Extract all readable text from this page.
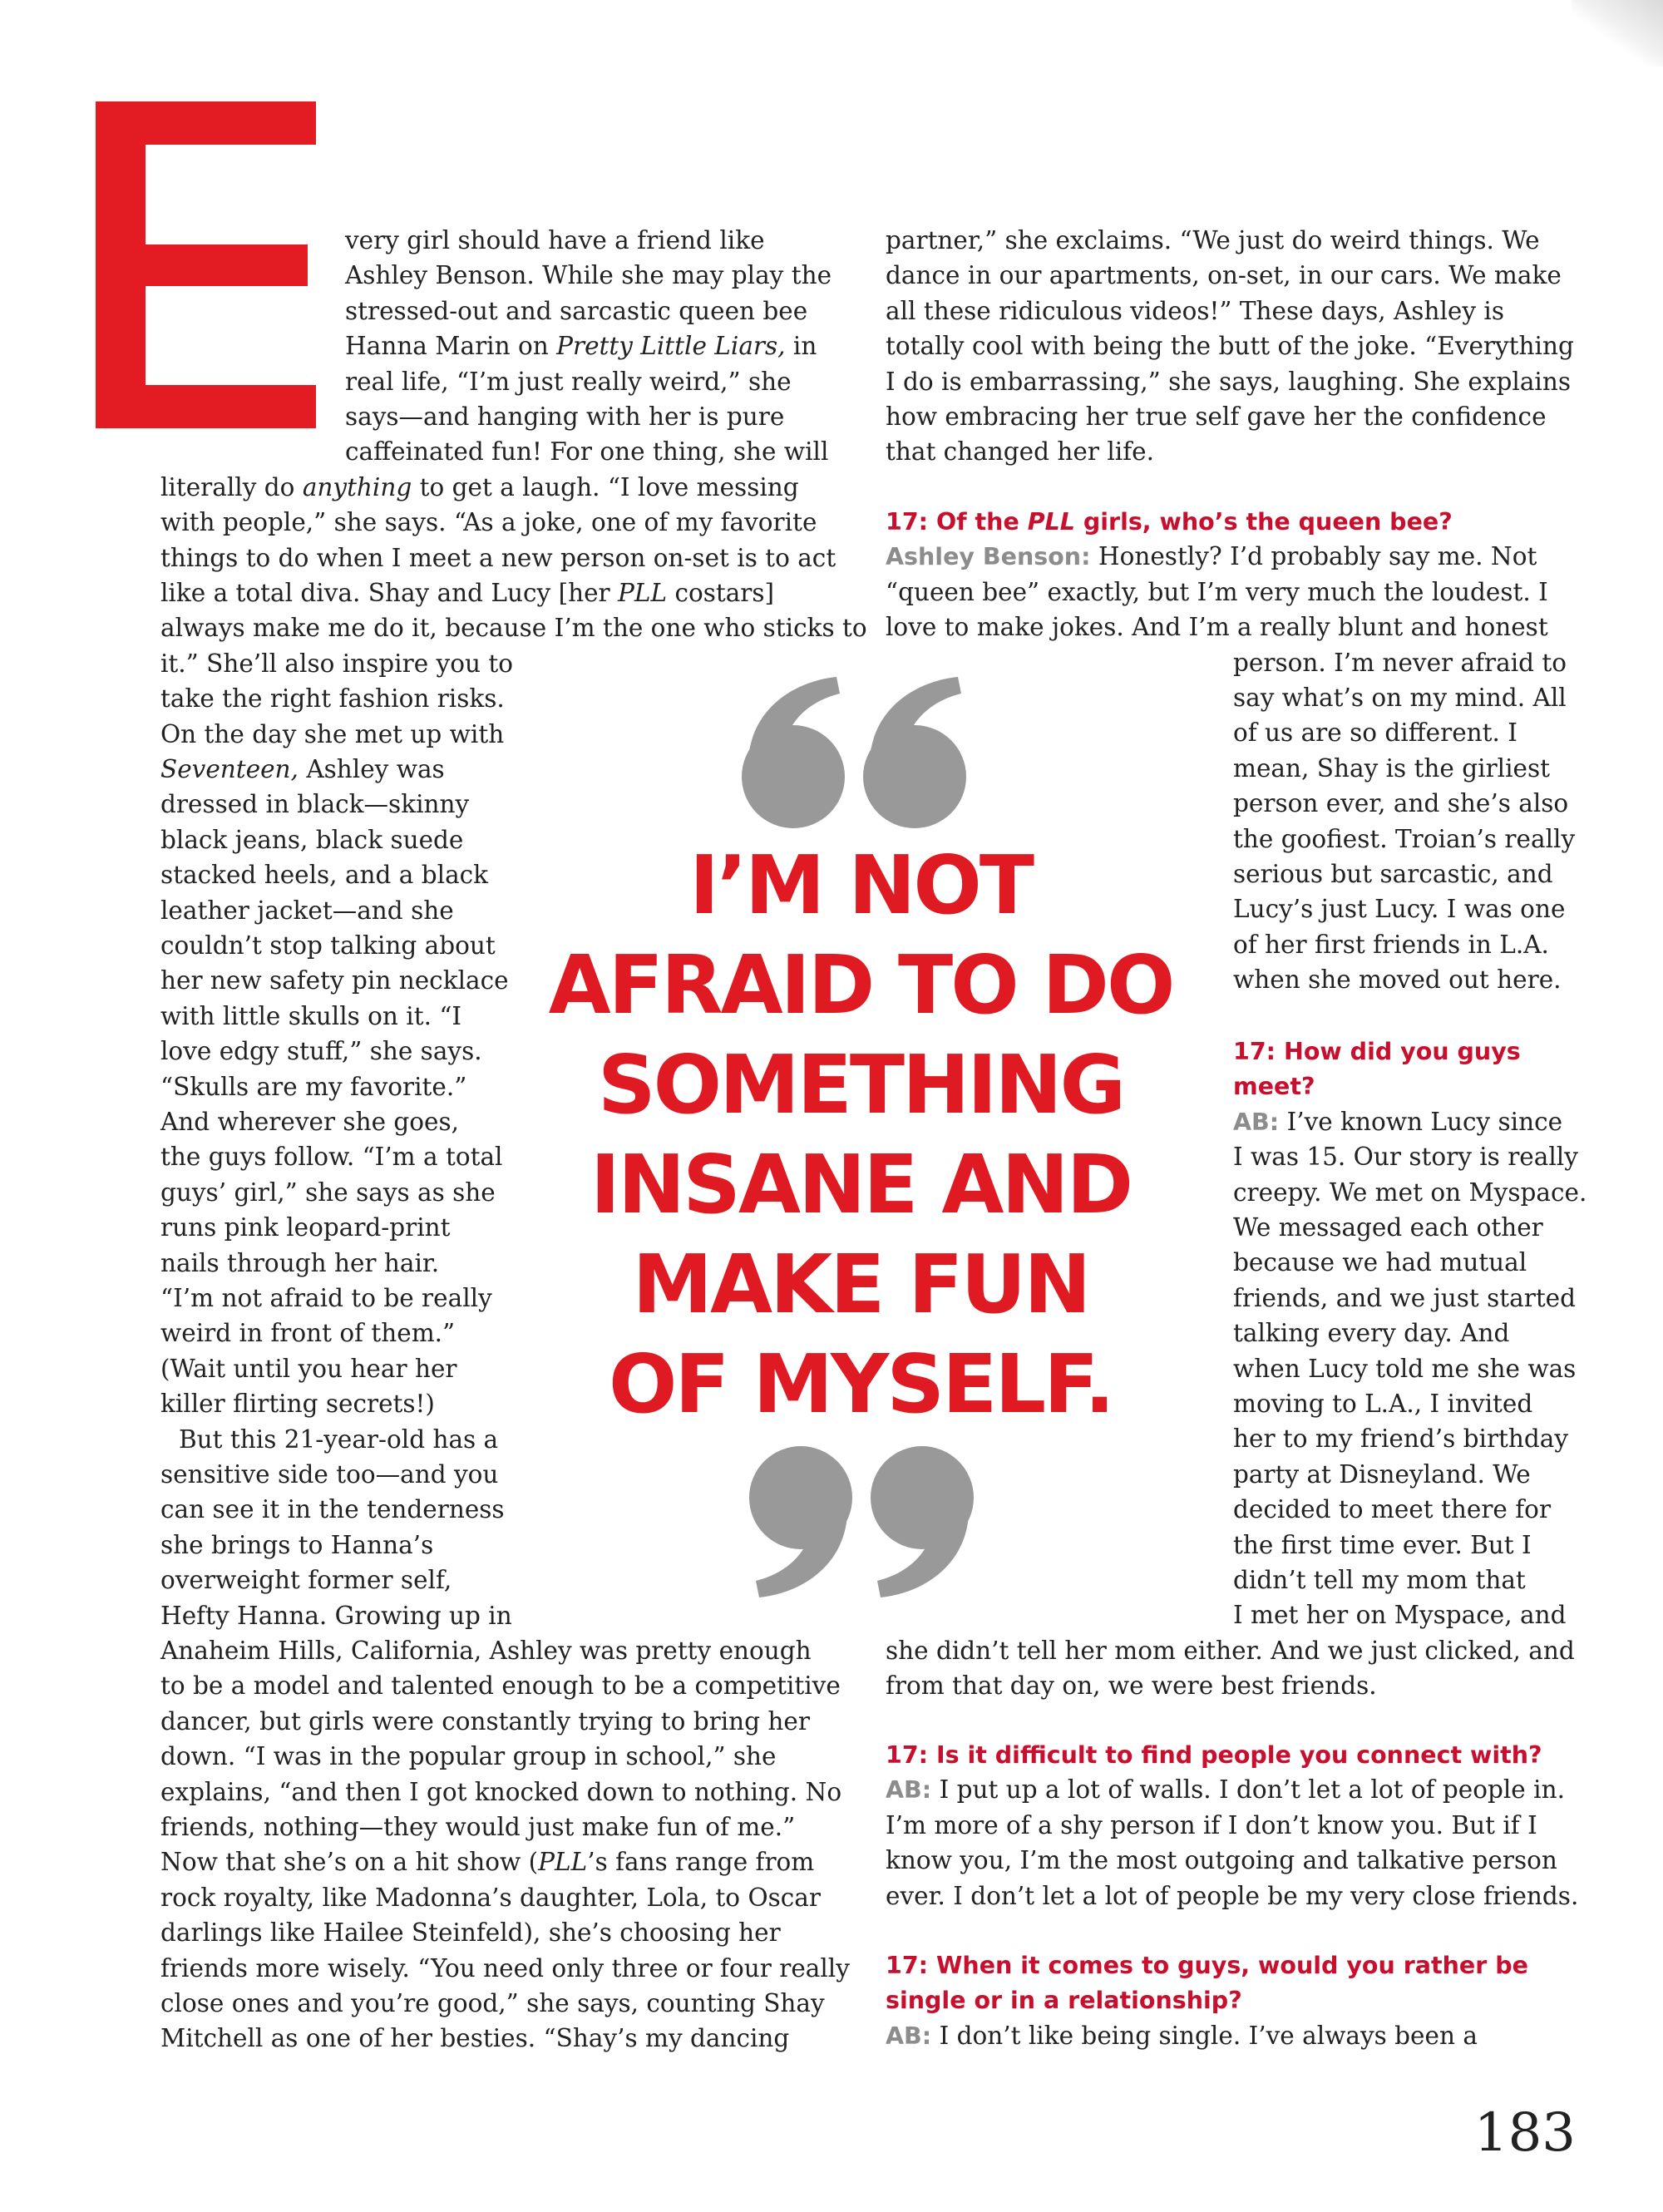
very girl should have a friend like
Ashley Benson. While she may play the
stressed-out and sarcastic queen bee
Hanna Marin on Pretty Little Liars, in
real life, “I’m just really weird,” she
says—and hanging with her is pure
caffeinated fun! For one thing, she will
literally do anything to get a laugh. “I love messing
with people,” she says. “As a joke, one of my favorite
things to do when I meet a new person on-set is to act
like a total diva. Shay and Lucy [her PLL costars]
always make me do it, because I’m the one who sticks to
it.” She’ll also inspire you to
take the right fashion risks.
On the day she met up with
Seventeen, Ashley was
dressed in black—skinny
black jeans, black suede
stacked heels, and a black
leather jacket—and she
couldn’t stop talking about
her new safety pin necklace
with little skulls on it. “I
love edgy stuff,” she says.
“Skulls are my favorite.”
And wherever she goes,
the guys follow. “I’m a total
guys’ girl,” she says as she
runs pink leopard-print
nails through her hair.
“I’m not afraid to be really
weird in front of them.”
(Wait until you hear her
killer flirting secrets!)
But this 21-year-old has a
sensitive side too—and you
can see it in the tenderness
she brings to Hanna’s
overweight former self,
Hefty Hanna. Growing up in
Anaheim Hills, California, Ashley was pretty enough
to be a model and talented enough to be a competitive
dancer, but girls were constantly trying to bring her
down. “I was in the popular group in school,” she
explains, “and then I got knocked down to nothing. No
friends, nothing—they would just make fun of me.”
Now that she’s on a hit show (PLL’s fans range from
rock royalty, like Madonna’s daughter, Lola, to Oscar
darlings like Hailee Steinfeld), she’s choosing her
friends more wisely. “You need only three or four really
close ones and you’re good,” she says, counting Shay
Mitchell as one of her besties. “Shay’s my dancing
partner,” she exclaims. “We just do weird things. We
dance in our apartments, on-set, in our cars. We make
all these ridiculous videos!” These days, Ashley is
totally cool with being the butt of the joke. “Everything
I do is embarrassing,” she says, laughing. She explains
how embracing her true self gave her the confidence
that changed her life.
17: Of the PLL girls, who’s the queen bee?
Ashley Benson: Honestly? I’d probably say me. Not
“queen bee” exactly, but I’m very much the loudest. I
love to make jokes. And I’m a really blunt and honest
person. I’m never afraid to
say what’s on my mind. All
of us are so different. I
mean, Shay is the girliest
person ever, and she’s also
the goofiest. Troian’s really
serious but sarcastic, and
Lucy’s just Lucy. I was one
of her first friends in L.A.
when she moved out here.
17: How did you guys
meet?
AB: I’ve known Lucy since
I was 15. Our story is really
creepy. We met on Myspace.
We messaged each other
because we had mutual
friends, and we just started
talking every day. And
when Lucy told me she was
moving to L.A., I invited
her to my friend’s birthday
party at Disneyland. We
decided to meet there for
the first time ever. But I
didn’t tell my mom that
I met her on Myspace, and
she didn’t tell her mom either. And we just clicked, and
from that day on, we were best friends.
17: Is it difficult to find people you connect with?
AB: I put up a lot of walls. I don’t let a lot of people in.
I’m more of a shy person if I don’t know you. But if I
know you, I’m the most outgoing and talkative person
ever. I don’t let a lot of people be my very close friends.
17: When it comes to guys, would you rather be
single or in a relationship?
AB: I don’t like being single. I’ve always been a
I’M NOT
AFRAID TO DO
SOMETHING
INSANE AND
MAKE FUN
OF MYSELF.
183
